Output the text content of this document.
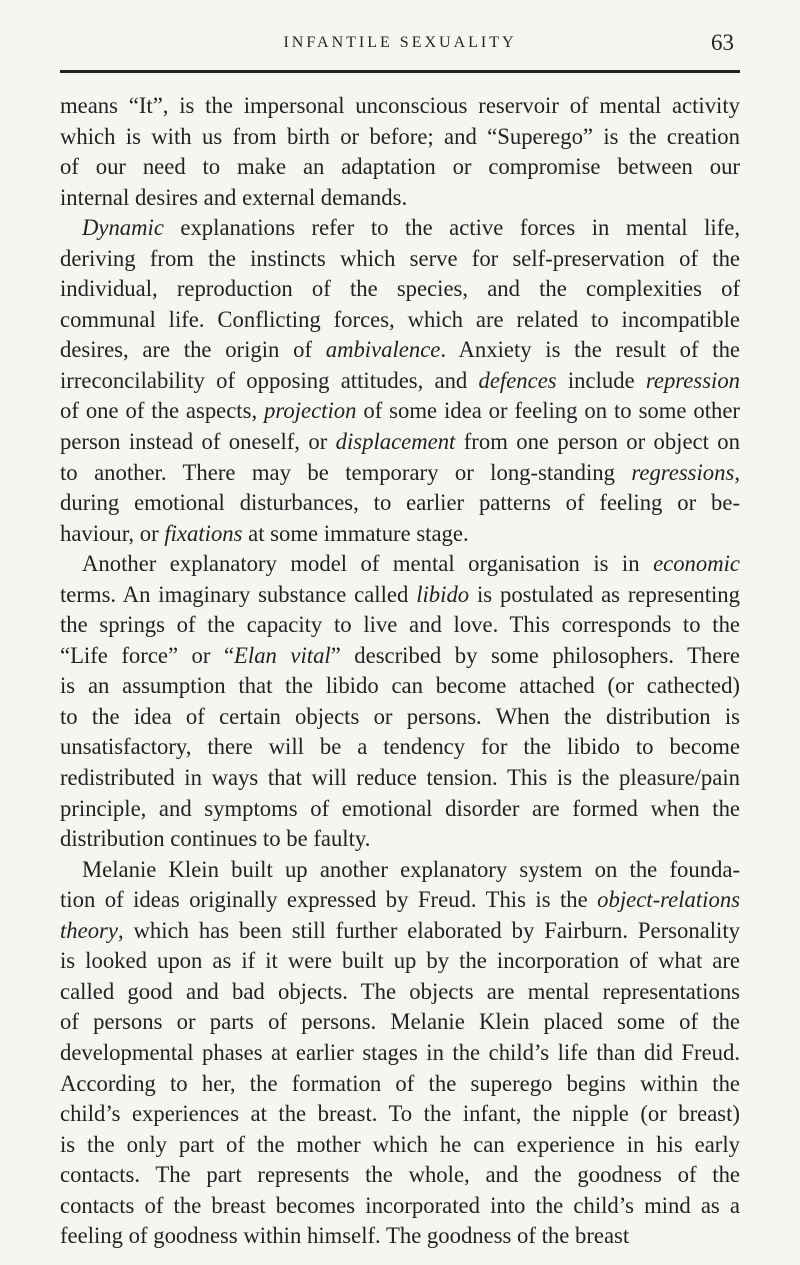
INFANTILE SEXUALITY	63
means “It”, is the impersonal unconscious reservoir of mental activity
which is with us from birth or before; and “Superego” is the creation
of our need to make an adaptation or compromise between our
internal desires and external demands.
Dynamic explanations refer to the active forces in mental life,
deriving from the instincts which serve for self-preservation of the
individual, reproduction of the species, and the complexities of
communal life. Conflicting forces, which are related to incompatible
desires, are the origin of ambivalence. Anxiety is the result of the
irreconcilability of opposing attitudes, and defences include repression
of one of the aspects, projection of some idea or feeling on to some other
person instead of oneself, or displacement from one person or object on
to another. There may be temporary or long-standing regressions,
during emotional disturbances, to earlier patterns of feeling or be-
haviour, or fixations at some immature stage.
Another explanatory model of mental organisation is in economic
terms. An imaginary substance called libido is postulated as representing
the springs of the capacity to live and love. This corresponds to the
“Life force” or “Elan vital” described by some philosophers. There
is an assumption that the libido can become attached (or cathected)
to the idea of certain objects or persons. When the distribution is
unsatisfactory, there will be a tendency for the libido to become
redistributed in ways that will reduce tension. This is the pleasure/pain
principle, and symptoms of emotional disorder are formed when the
distribution continues to be faulty.
Melanie Klein built up another explanatory system on the founda-
tion of ideas originally expressed by Freud. This is the object-relations
theory, which has been still further elaborated by Fairburn. Personality
is looked upon as if it were built up by the incorporation of what are
called good and bad objects. The objects are mental representations
of persons or parts of persons. Melanie Klein placed some of the
developmental phases at earlier stages in the child’s life than did Freud.
According to her, the formation of the superego begins within the
child’s experiences at the breast. To the infant, the nipple (or breast)
is the only part of the mother which he can experience in his early
contacts. The part represents the whole, and the goodness of the
contacts of the breast becomes incorporated into the child’s mind as a
feeling of goodness within himself. The goodness of the breast
